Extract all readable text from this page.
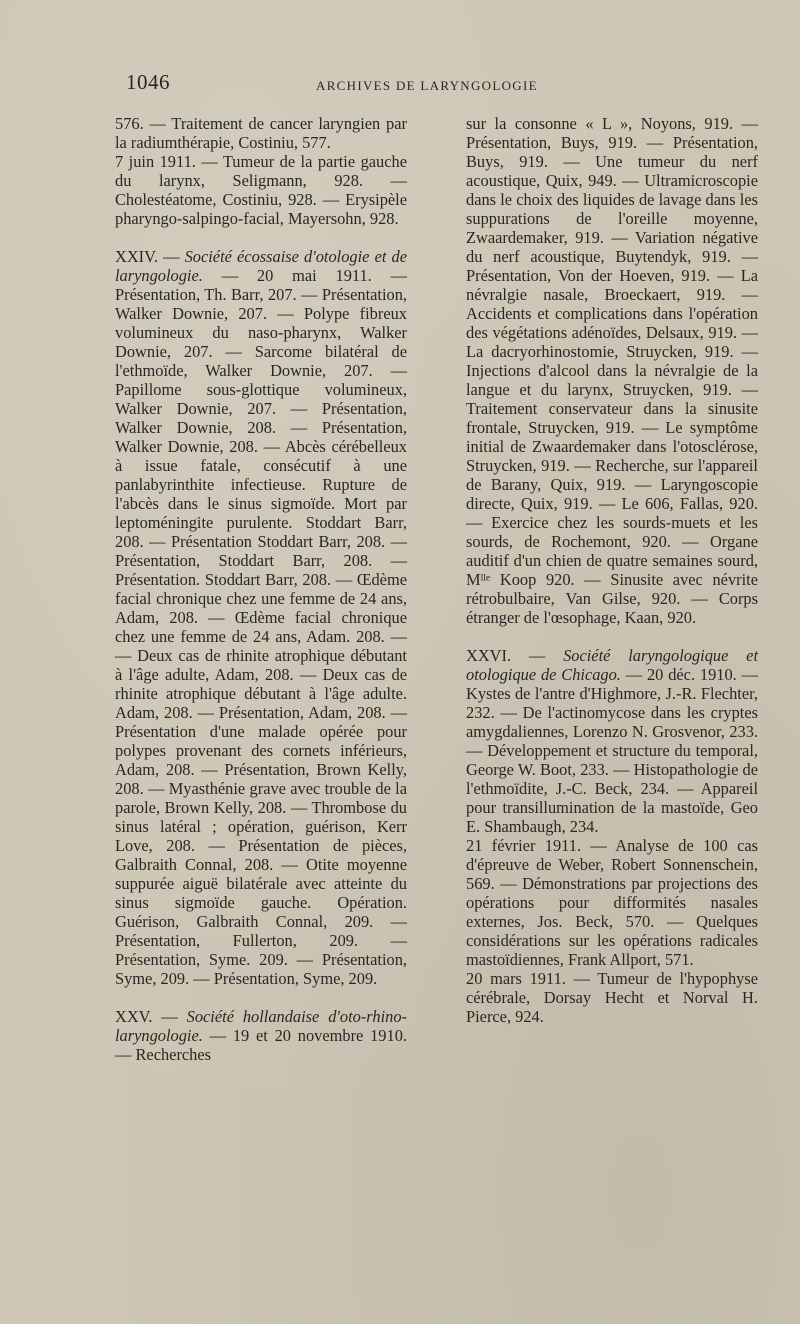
1046	ARCHIVES DE LARYNGOLOGIE

576. — Traitement de cancer laryngien par la radiumthérapie, Costiniu, 577.

7 juin 1911. — Tumeur de la partie gauche du larynx, Seligmann, 928. — Cholestéatome, Costiniu, 928. — Erysipèle pharyngo-salpingo-facial, Mayersohn, 928.

XXIV. — Société écossaise d'otologie et de laryngologie. — 20 mai 1911. — Présentation, Th. Barr, 207. — Présentation, Walker Downie, 207. — Polype fibreux volumineux du naso-pharynx, Walker Downie, 207. — Sarcome bilatéral de l'ethmoïde, Walker Downie, 207. — Papillome sous-glottique volumineux, Walker Downie, 207. — Présentation, Walker Downie, 208. — Présentation, Walker Downie, 208. — Abcès cérébelleux à issue fatale, consécutif à une panlabyrinthite infectieuse. Rupture de l'abcès dans le sinus sigmoïde. Mort par leptoméningite purulente. Stoddart Barr, 208. — Présentation Stoddart Barr, 208. — Présentation, Stoddart Barr, 208. — Présentation. Stoddart Barr, 208. — Œdème facial chronique chez une femme de 24 ans, Adam, 208. — Œdème facial chronique chez une femme de 24 ans, Adam. 208. — — Deux cas de rhinite atrophique débutant à l'âge adulte, Adam, 208. — Deux cas de rhinite atrophique débutant à l'âge adulte. Adam, 208. — Présentation, Adam, 208. — Présentation d'une malade opérée pour polypes provenant des cornets inférieurs, Adam, 208. — Présentation, Brown Kelly, 208. — Myasthénie grave avec trouble de la parole, Brown Kelly, 208. — Thrombose du sinus latéral ; opération, guérison, Kerr Love, 208. — Présentation de pièces, Galbraith Connal, 208. — Otite moyenne suppurée aiguë bilatérale avec atteinte du sinus sigmoïde gauche. Opération. Guérison, Galbraith Connal, 209. — Présentation, Fullerton, 209. — Présentation, Syme. 209. — Présentation, Syme, 209. — Présentation, Syme, 209.

XXV. — Société hollandaise d'oto-rhino-laryngologie. — 19 et 20 novembre 1910. — Recherches

sur la consonne « L », Noyons, 919. — Présentation, Buys, 919. — Présentation, Buys, 919. — Une tumeur du nerf acoustique, Quix, 949. — Ultramicroscopie dans le choix des liquides de lavage dans les suppurations de l'oreille moyenne, Zwaardemaker, 919. — Variation négative du nerf acoustique, Buytendyk, 919. — Présentation, Von der Hoeven, 919. — La névralgie nasale, Broeckaert, 919. — Accidents et complications dans l'opération des végétations adénoïdes, Delsaux, 919. — La dacryorhinostomie, Struycken, 919. — Injections d'alcool dans la névralgie de la langue et du larynx, Struycken, 919. — Traitement conservateur dans la sinusite frontale, Struycken, 919. — Le symptôme initial de Zwaardemaker dans l'otosclérose, Struycken, 919. — Recherche, sur l'appareil de Barany, Quix, 919. — Laryngoscopie directe, Quix, 919. — Le 606, Fallas, 920. — Exercice chez les sourds-muets et les sourds, de Rochemont, 920. — Organe auditif d'un chien de quatre semaines sourd, Mˡˡᵉ Koop 920. — Sinusite avec névrite rétrobulbaire, Van Gilse, 920. — Corps étranger de l'œsophage, Kaan, 920.

XXVI. — Société laryngologique et otologique de Chicago. — 20 déc. 1910. — Kystes de l'antre d'Highmore, J.-R. Flechter, 232. — De l'actinomycose dans les cryptes amygdaliennes, Lorenzo N. Grosvenor, 233. — Développement et structure du temporal, George W. Boot, 233. — Histopathologie de l'ethmoïdite, J.-C. Beck, 234. — Appareil pour transillumination de la mastoïde, Geo E. Shambaugh, 234.

21 février 1911. — Analyse de 100 cas d'épreuve de Weber, Robert Sonnenschein, 569. — Démonstrations par projections des opérations pour difformités nasales externes, Jos. Beck, 570. — Quelques considérations sur les opérations radicales mastoïdiennes, Frank Allport, 571.

20 mars 1911. — Tumeur de l'hypophyse cérébrale, Dorsay Hecht et Norval H. Pierce, 924.
